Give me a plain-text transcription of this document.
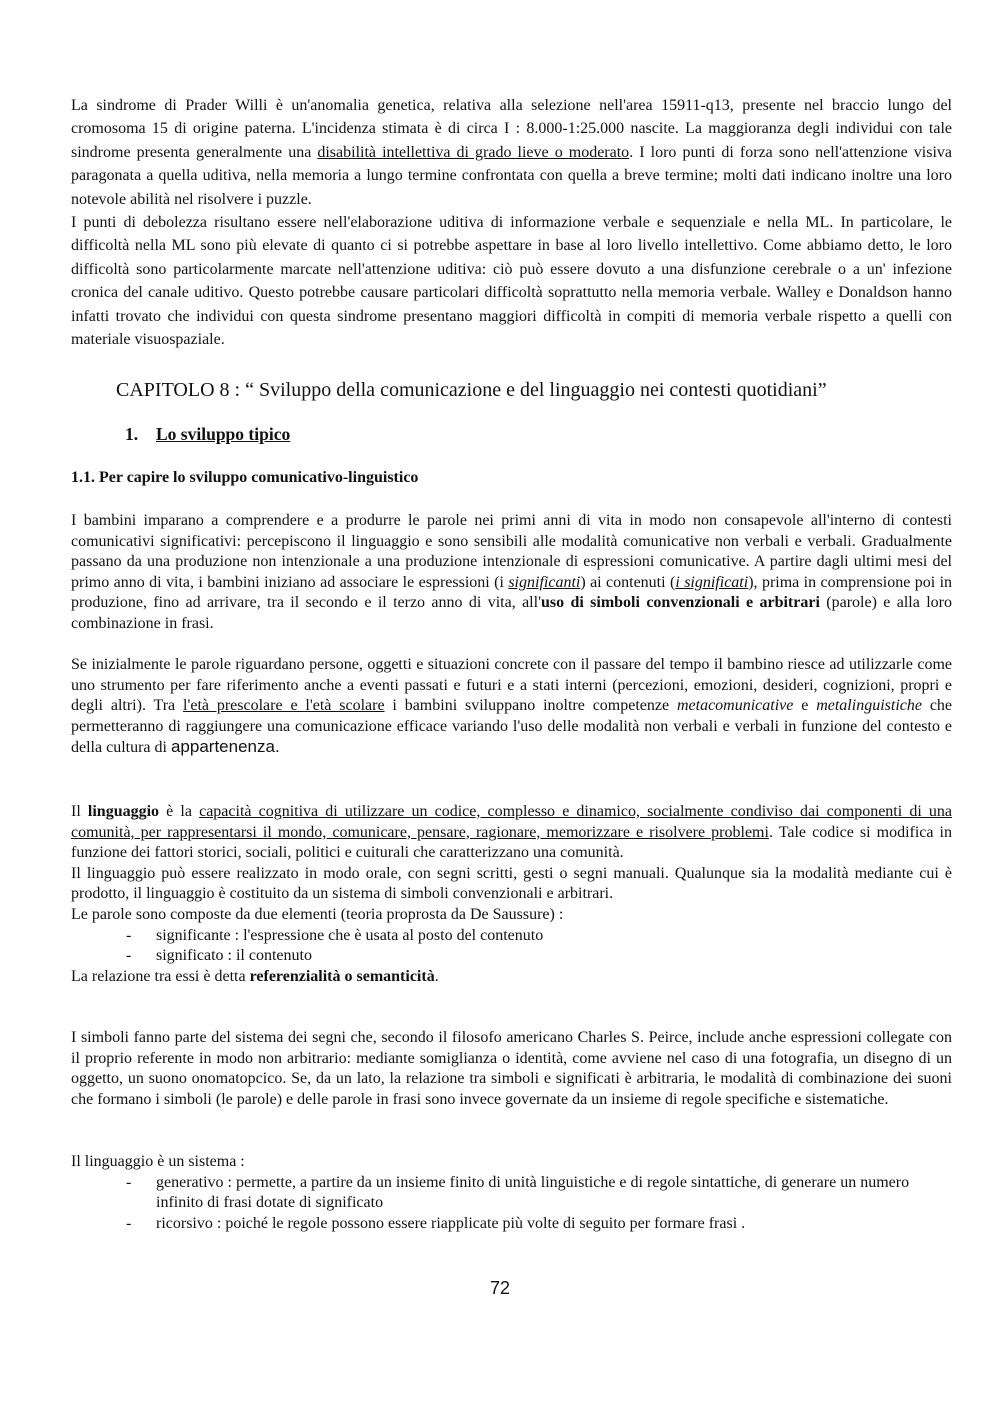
La sindrome di Prader Willi è un'anomalia genetica, relativa alla selezione nell'area 15911-q13, presente nel braccio lungo del cromosoma 15 di origine paterna. L'incidenza stimata è di circa I : 8.000-1:25.000 nascite. La maggioranza degli individui con tale sindrome presenta generalmente una disabilità intellettiva di grado lieve o moderato. I loro punti di forza sono nell'attenzione visiva paragonata a quella uditiva, nella memoria a lungo termine confrontata con quella a breve termine; molti dati indicano inoltre una loro notevole abilità nel risolvere i puzzle.

I punti di debolezza risultano essere nell'elaborazione uditiva di informazione verbale e sequenziale e nella ML. In particolare, le difficoltà nella ML sono più elevate di quanto ci si potrebbe aspettare in base al loro livello intellettivo. Come abbiamo detto, le loro difficoltà sono particolarmente marcate nell'attenzione uditiva: ciò può essere dovuto a una disfunzione cerebrale o a un' infezione cronica del canale uditivo. Questo potrebbe causare particolari difficoltà soprattutto nella memoria verbale. Walley e Donaldson hanno infatti trovato che individui con questa sindrome presentano maggiori difficoltà in compiti di memoria verbale rispetto a quelli con materiale visuospaziale.

CAPITOLO 8 : “ Sviluppo della comunicazione e del linguaggio nei contesti quotidiani”
1. Lo sviluppo tipico
1.1. Per capire lo sviluppo comunicativo-linguistico

I bambini imparano a comprendere e a produrre le parole nei primi anni di vita in modo non consapevole all'interno di contesti comunicativi significativi: percepiscono il linguaggio e sono sensibili alle modalità comunicative non verbali e verbali. Gradualmente passano da una produzione non intenzionale a una produzione intenzionale di espressioni comunicative. A partire dagli ultimi mesi del primo anno di vita, i bambini iniziano ad associare le espressioni (i significanti) ai contenuti (i significati), prima in comprensione poi in produzione, fino ad arrivare, tra il secondo e il terzo anno di vita, all'uso di simboli convenzionali e arbitrari (parole) e alla loro combinazione in frasi.

Se inizialmente le parole riguardano persone, oggetti e situazioni concrete con il passare del tempo il bambino riesce ad utilizzarle come uno strumento per fare riferimento anche a eventi passati e futuri e a stati interni (percezioni, emozioni, desideri, cognizioni, propri e degli altri). Tra l'età prescolare e l'età scolare i bambini sviluppano inoltre competenze metacomunicative e metalinguistiche che permetteranno di raggiungere una comunicazione efficace variando l'uso delle modalità non verbali e verbali in funzione del contesto e della cultura di appartenenza.

Il linguaggio è la capacità cognitiva di utilizzare un codice, complesso e dinamico, socialmente condiviso dai componenti di una comunità, per rappresentarsi il mondo, comunicare, pensare, ragionare, memorizzare e risolvere problemi. Tale codice si modifica in funzione dei fattori storici, sociali, politici e cuiturali che caratterizzano una comunità.

Il linguaggio può essere realizzato in modo orale, con segni scritti, gesti o segni manuali. Qualunque sia la modalità mediante cui è prodotto, il linguaggio è costituito da un sistema di simboli convenzionali e arbitrari.

Le parole sono composte da due elementi (teoria proprosta da De Saussure) :

- significante : l'espressione che è usata al posto del contenuto
- significato : il contenuto

La relazione tra essi è detta referenzialità o semanticità.

I simboli fanno parte del sistema dei segni che, secondo il filosofo americano Charles S. Peirce, include anche espressioni collegate con il proprio referente in modo non arbitrario: mediante somiglianza o identità, come avviene nel caso di una fotografia, un disegno di un oggetto, un suono onomatopcico. Se, da un lato, la relazione tra simboli e significati è arbitraria, le modalità di combinazione dei suoni che formano i simboli (le parole) e delle parole in frasi sono invece governate da un insieme di regole specifiche e sistematiche.

Il linguaggio è un sistema :

- generativo : permette, a partire da un insieme finito di unità linguistiche e di regole sintattiche, di generare un numero infinito di frasi dotate di significato
- ricorsivo : poiché le regole possono essere riapplicate più volte di seguito per formare frasi .
72
